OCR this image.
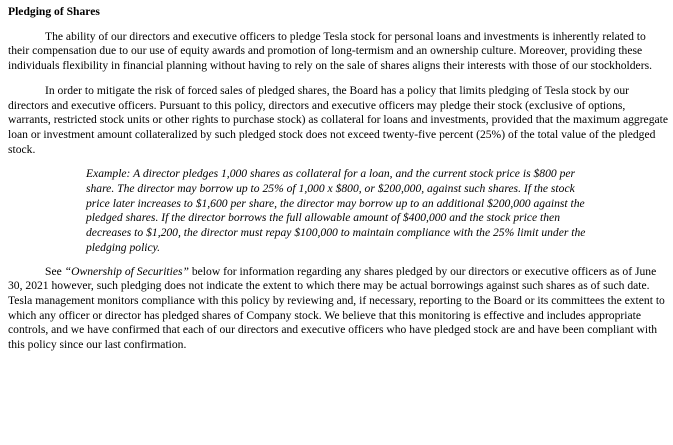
Pledging of Shares

The ability of our directors and executive officers to pledge Tesla stock for personal loans and investments is inherently related to their compensation due to our use of equity awards and promotion of long-termism and an ownership culture. Moreover, providing these individuals flexibility in financial planning without having to rely on the sale of shares aligns their interests with those of our stockholders.

In order to mitigate the risk of forced sales of pledged shares, the Board has a policy that limits pledging of Tesla stock by our directors and executive officers. Pursuant to this policy, directors and executive officers may pledge their stock (exclusive of options, warrants, restricted stock units or other rights to purchase stock) as collateral for loans and investments, provided that the maximum aggregate loan or investment amount collateralized by such pledged stock does not exceed twenty-five percent (25%) of the total value of the pledged stock.

Example: A director pledges 1,000 shares as collateral for a loan, and the current stock price is $800 per share. The director may borrow up to 25% of 1,000 x $800, or $200,000, against such shares. If the stock price later increases to $1,600 per share, the director may borrow up to an additional $200,000 against the pledged shares. If the director borrows the full allowable amount of $400,000 and the stock price then decreases to $1,200, the director must repay $100,000 to maintain compliance with the 25% limit under the pledging policy.

See “Ownership of Securities” below for information regarding any shares pledged by our directors or executive officers as of June 30, 2021 however, such pledging does not indicate the extent to which there may be actual borrowings against such shares as of such date. Tesla management monitors compliance with this policy by reviewing and, if necessary, reporting to the Board or its committees the extent to which any officer or director has pledged shares of Company stock. We believe that this monitoring is effective and includes appropriate controls, and we have confirmed that each of our directors and executive officers who have pledged stock are and have been compliant with this policy since our last confirmation.
